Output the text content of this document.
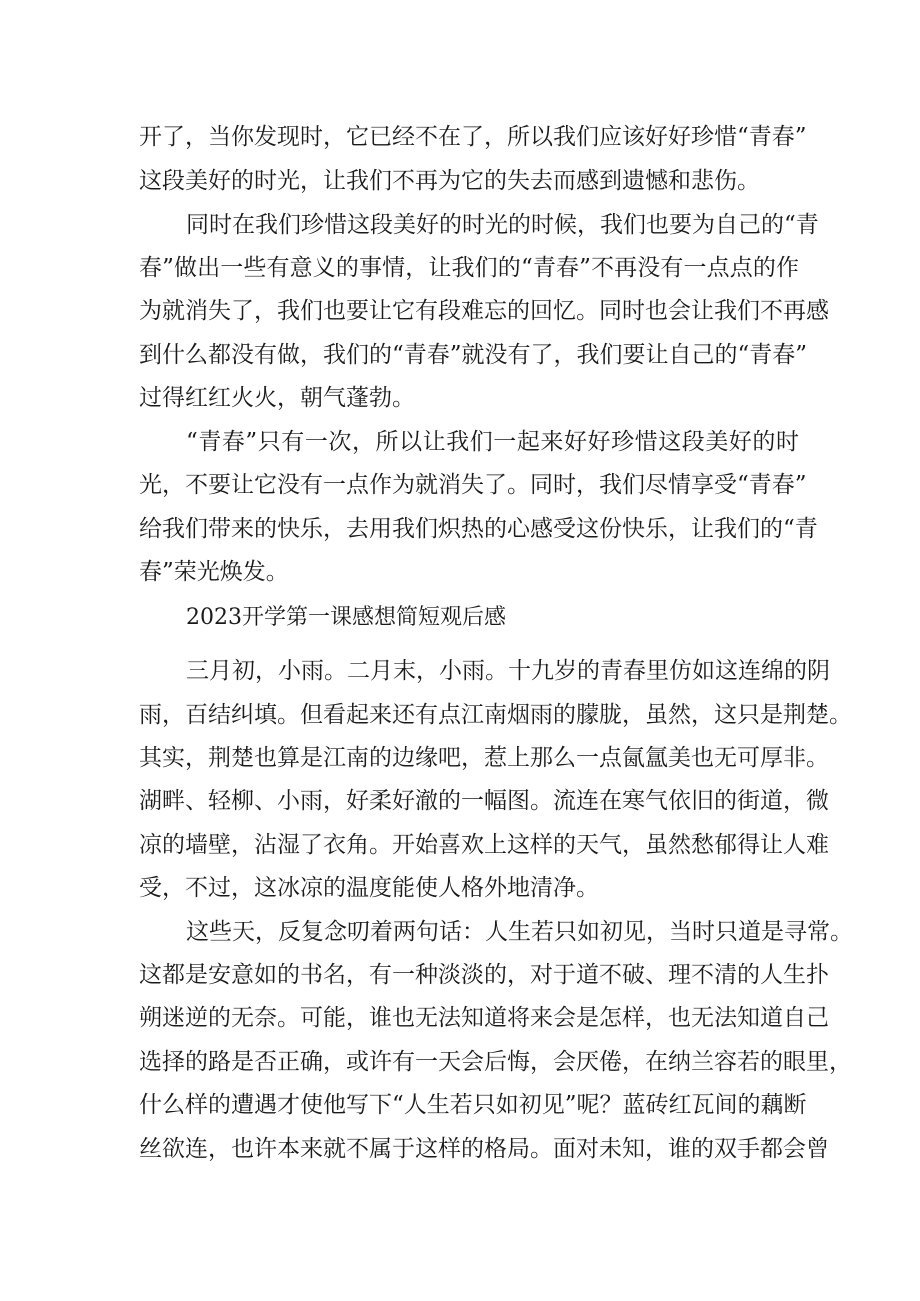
开了，当你发现时，它已经不在了，所以我们应该好好珍惜“青春”
这段美好的时光，让我们不再为它的失去而感到遗憾和悲伤。
同时在我们珍惜这段美好的时光的时候，我们也要为自己的“青
春”做出一些有意义的事情，让我们的“青春”不再没有一点点的作
为就消失了，我们也要让它有段难忘的回忆。同时也会让我们不再感
到什么都没有做，我们的“青春”就没有了，我们要让自己的“青春”
过得红红火火，朝气蓬勃。
“青春”只有一次，所以让我们一起来好好珍惜这段美好的时
光，不要让它没有一点作为就消失了。同时，我们尽情享受“青春”
给我们带来的快乐，去用我们炽热的心感受这份快乐，让我们的“青
春”荣光焕发。
2023开学第一课感想简短观后感
三月初，小雨。二月末，小雨。十九岁的青春里仿如这连绵的阴
雨，百结纠填。但看起来还有点江南烟雨的朦胧，虽然，这只是荆楚。
其实，荆楚也算是江南的边缘吧，惹上那么一点氤氲美也无可厚非。
湖畔、轻柳、小雨，好柔好澈的一幅图。流连在寒气依旧的街道，微
凉的墙壁，沾湿了衣角。开始喜欢上这样的天气，虽然愁郁得让人难
受，不过，这冰凉的温度能使人格外地清净。
这些天，反复念叨着两句话：人生若只如初见，当时只道是寻常。
这都是安意如的书名，有一种淡淡的，对于道不破、理不清的人生扑
朔迷逆的无奈。可能，谁也无法知道将来会是怎样，也无法知道自己
选择的路是否正确，或许有一天会后悔，会厌倦，在纳兰容若的眼里，
什么样的遭遇才使他写下“人生若只如初见”呢？蓝砖红瓦间的藕断
丝欲连，也许本来就不属于这样的格局。面对未知，谁的双手都会曾
